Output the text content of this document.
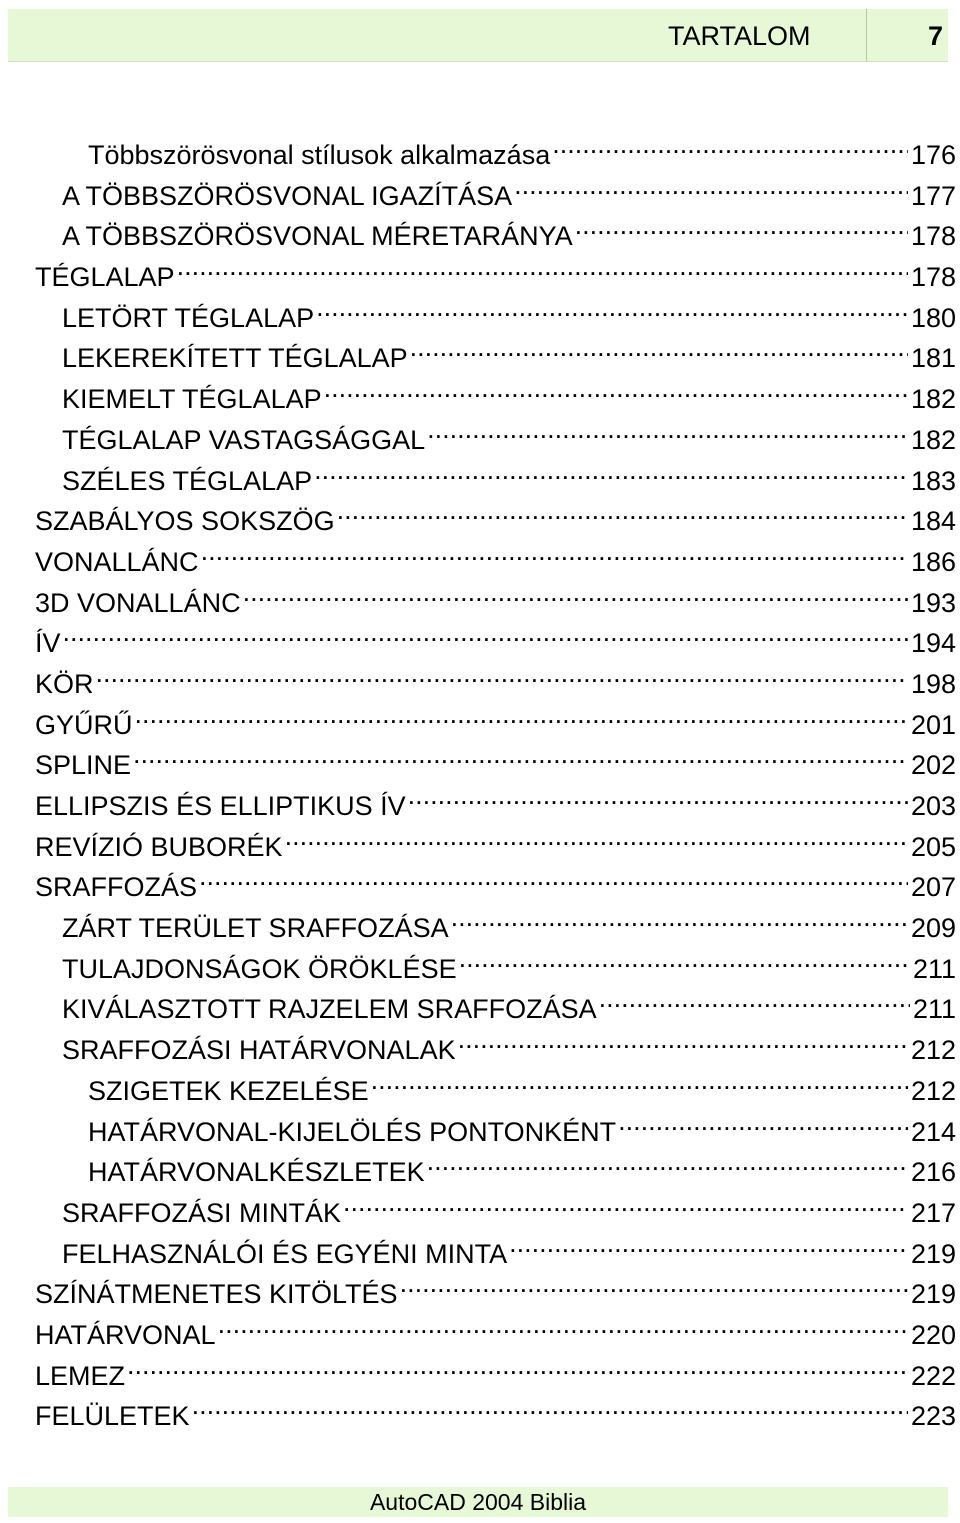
TARTALOM	7
Többszörösvonal stílusok alkalmazása .....	176
A TÖBBSZÖRÖSVONAL IGAZÍTÁSA .....	177
A TÖBBSZÖRÖSVONAL MÉRETARÁNYA .....	178
TÉGLALAP .....	178
LETÖRT TÉGLALAP .....	180
LEKEREKÍTETT TÉGLALAP .....	181
KIEMELT TÉGLALAP .....	182
TÉGLALAP VASTAGSÁGGAL .....	182
SZÉLES TÉGLALAP .....	183
SZABÁLYOS SOKSZÖG .....	184
VONALLÁNC .....	186
3D VONALLÁNC .....	193
ÍV .....	194
KÖR .....	198
GYŰRŰ .....	201
SPLINE .....	202
ELLIPSZIS ÉS ELLIPTIKUS ÍV .....	203
REVÍZIÓ BUBORÉK .....	205
SRAFFOZÁS .....	207
ZÁRT TERÜLET SRAFFOZÁSA .....	209
TULAJDONSÁGOK ÖRÖKLÉSE .....	211
KIVÁLASZTOTT RAJZELEM SRAFFOZÁSA .....	211
SRAFFOZÁSI HATÁRVONALAK .....	212
SZIGETEK KEZELÉSE .....	212
HATÁRVONAL-KIJELÖLÉS PONTONKÉNT .....	214
HATÁRVONALKÉSZLETEK .....	216
SRAFFOZÁSI MINTÁK .....	217
FELHASZNÁLÓI ÉS EGYÉNI MINTA .....	219
SZÍNÁTMENETES KITÖLTÉS .....	219
HATÁRVONAL .....	220
LEMEZ .....	222
FELÜLETEK .....	223
AutoCAD 2004 Biblia
